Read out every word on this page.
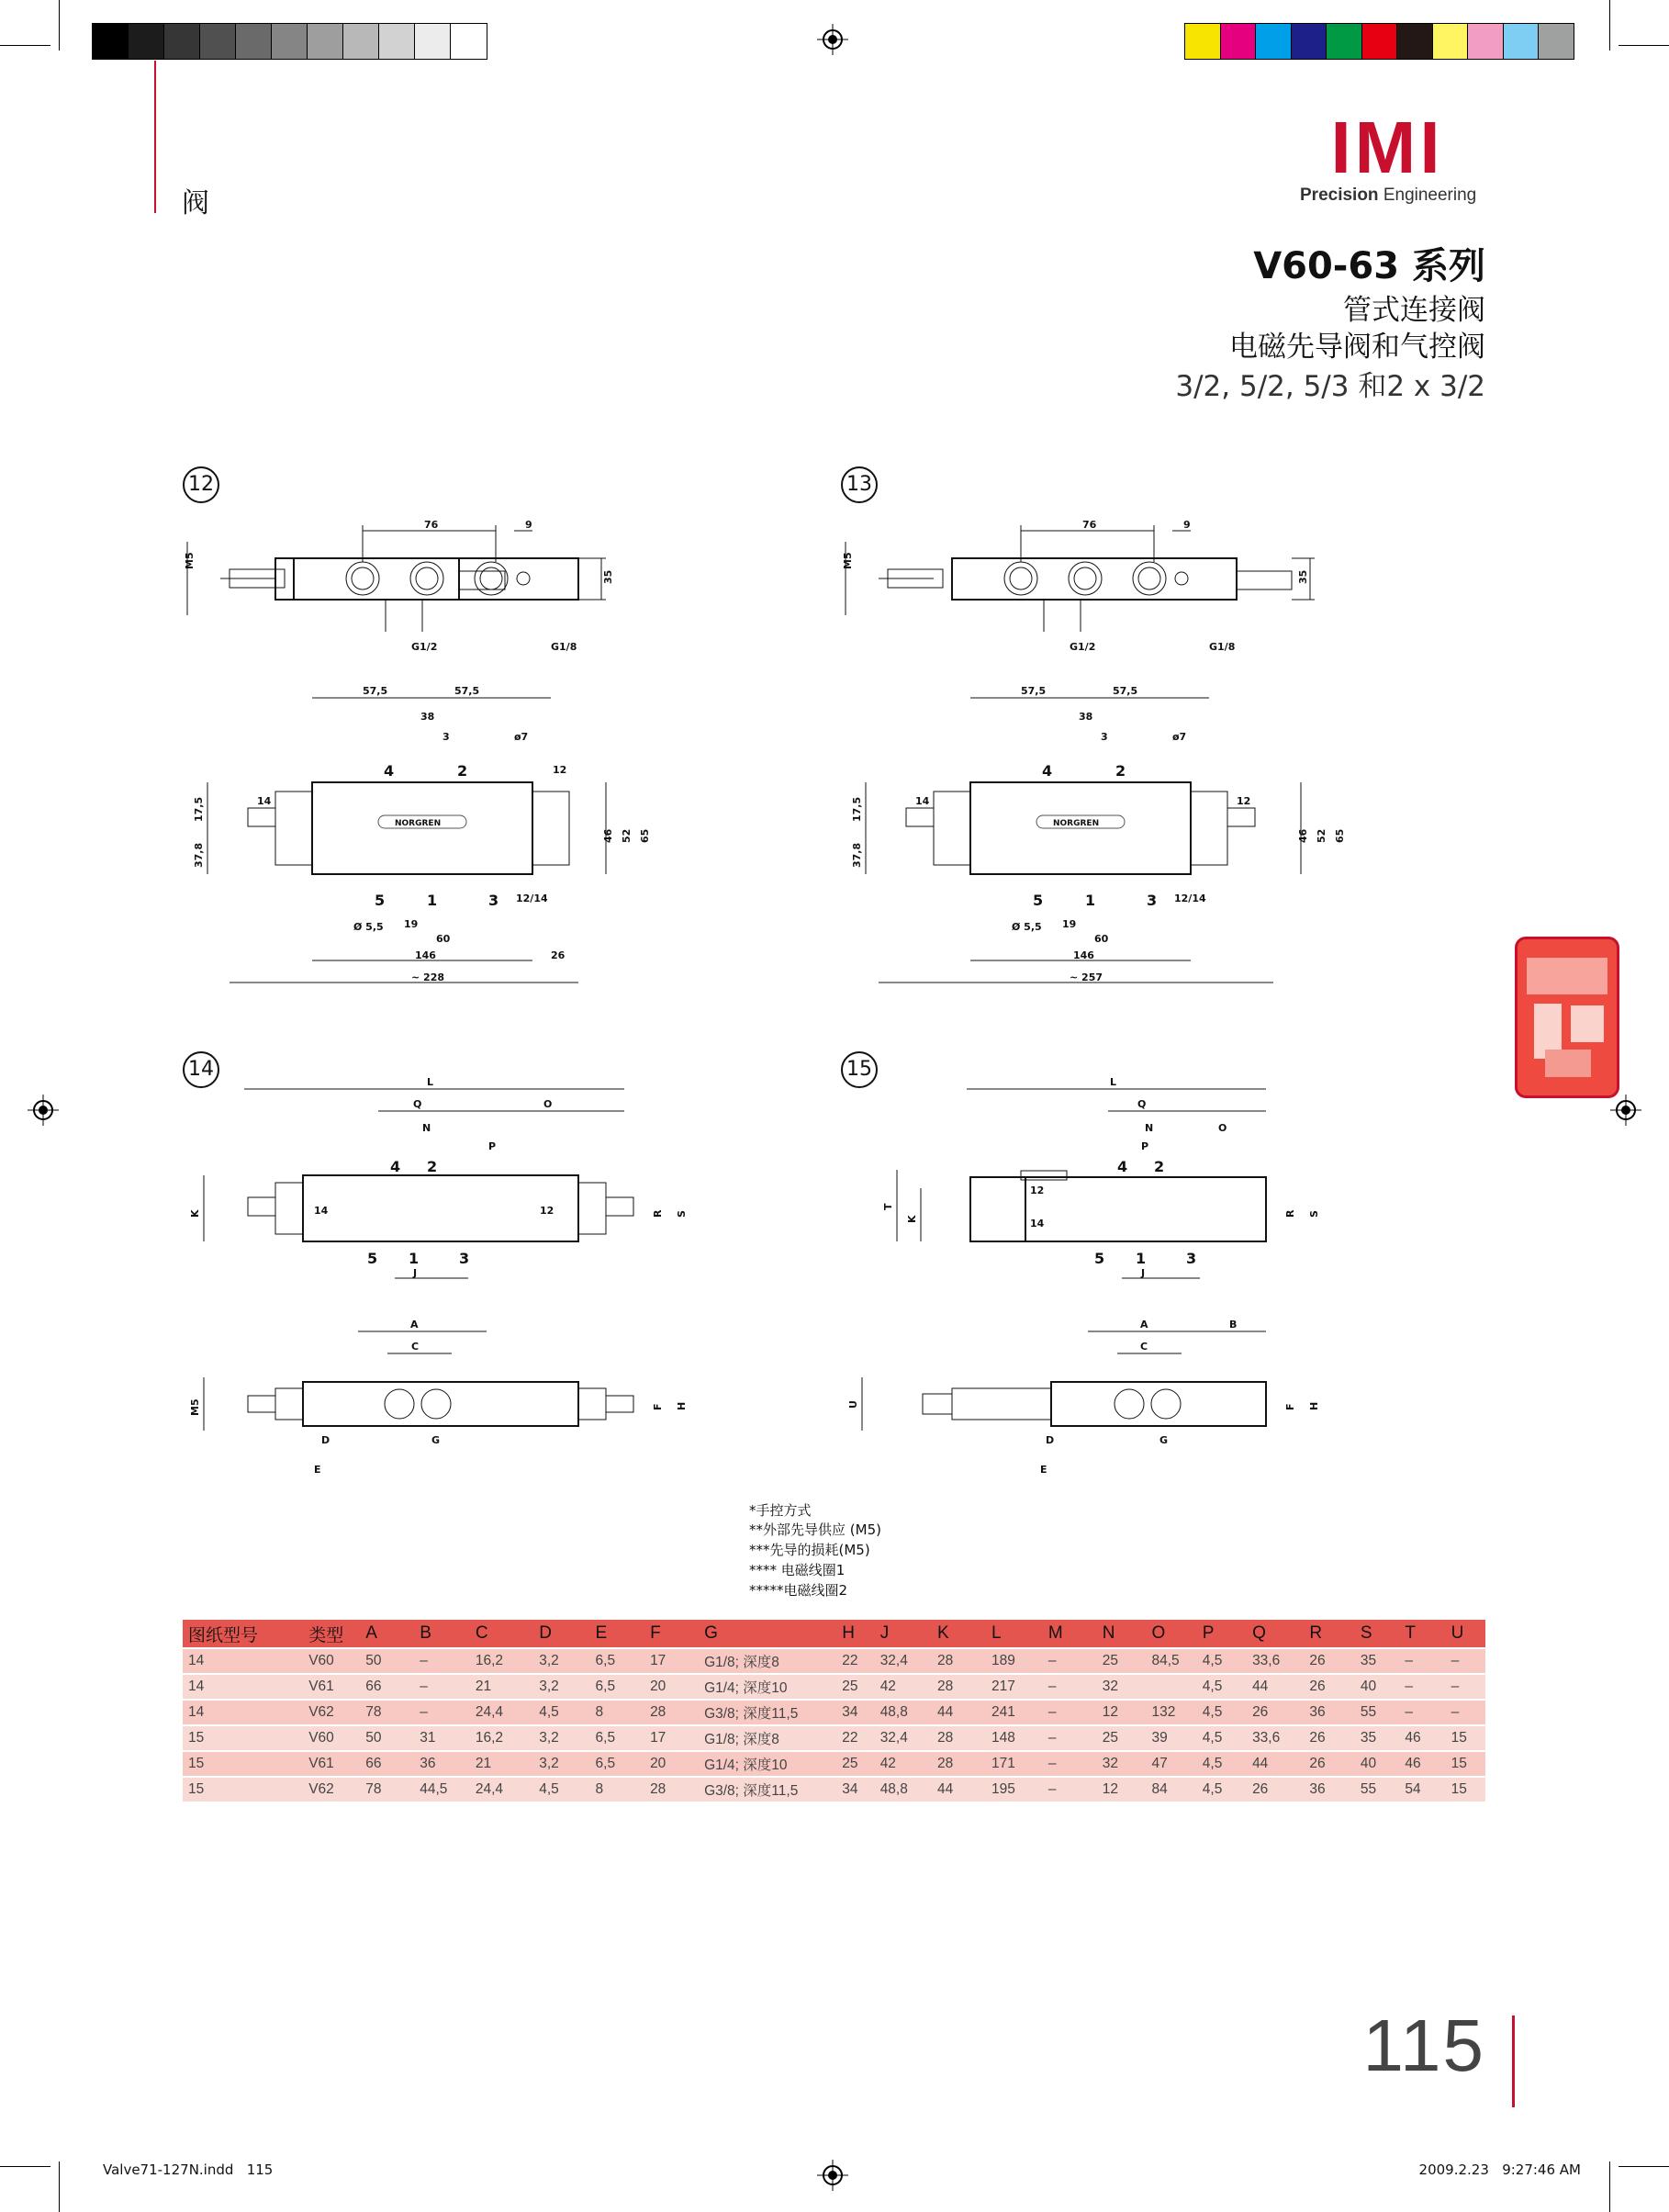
阀
IMI
Precision Engineering
V60-63 系列
管式连接阀
电磁先导阀和气控阀
3/2, 5/2, 5/3 和2 x 3/2
12	13
14	15
M5
76	9
35
G1/2	G1/8
57,5	57,5
38
3	ø7
NORGREN
4	2
5	1	3
12
14
12/14
17,5
37,8
46 52 65
19
60
146
~ 228
26
Ø 5,5
M5
76	9
35
G1/2	G1/8
57,5	57,5
38
3	ø7
NORGREN
4	2
5	1	3
12
14
12/14
17,5
37,8
46 52 65
19
60
146
~ 257
Ø 5,5
L
Q	O
N
P
4 2
5 1	3
14	12
K	R S
J
A
C
M5
D	G
E
F H
L
Q
O
N
P
12
14
4 2
5 1	3
T
K
R S
J
A	B
C
U
D	G
E
F H
*手控方式
**外部先导供应 (M5)
***先导的损耗(M5)
**** 电磁线圈1
*****电磁线圈2
图纸型号	类型	A	B	C	D	E	F	G	H	J	K	L	M	N	O	P	Q	R	S	T	U
14	V60	50	–	16,2	3,2	6,5	17	G1/8; 深度8	22	32,4	28	189	–	25	84,5	4,5	33,6	26	35	–	–
14	V61	66	–	21	3,2	6,5	20	G1/4; 深度10	25	42	28	217	–	32		4,5	44	26	40	–	–
14	V62	78	–	24,4	4,5	8	28	G3/8; 深度11,5	34	48,8	44	241	–	12	132	4,5	26	36	55	–	–
15	V60	50	31	16,2	3,2	6,5	17	G1/8; 深度8	22	32,4	28	148	–	25	39	4,5	33,6	26	35	46	15
15	V61	66	36	21	3,2	6,5	20	G1/4; 深度10	25	42	28	171	–	32	47	4,5	44	26	40	46	15
15	V62	78	44,5	24,4	4,5	8	28	G3/8; 深度11,5	34	48,8	44	195	–	12	84	4,5	26	36	55	54	15
115
Valve71-127N.indd   115	2009.2.23   9:27:46 AM
